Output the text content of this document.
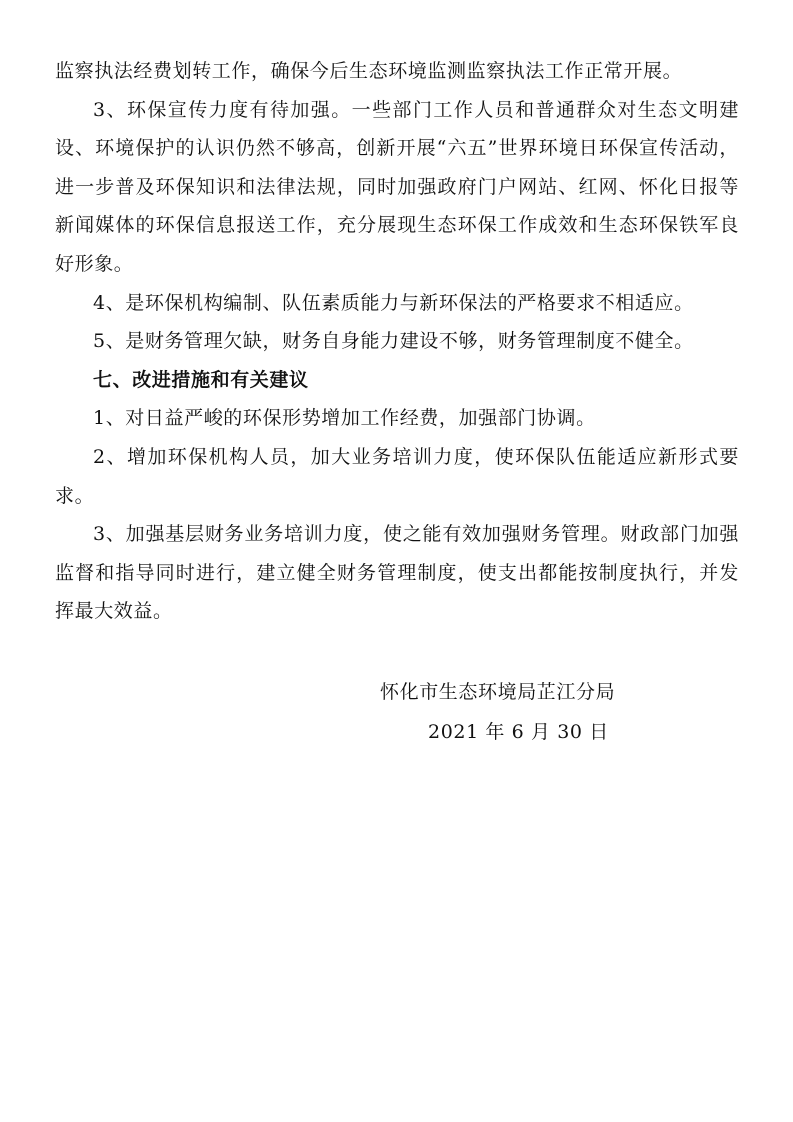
监察执法经费划转工作，确保今后生态环境监测监察执法工作正常开展。

3、环保宣传力度有待加强。一些部门工作人员和普通群众对生态文明建设、环境保护的认识仍然不够高，创新开展“六五”世界环境日环保宣传活动，进一步普及环保知识和法律法规，同时加强政府门户网站、红网、怀化日报等新闻媒体的环保信息报送工作，充分展现生态环保工作成效和生态环保铁军良好形象。

4、是环保机构编制、队伍素质能力与新环保法的严格要求不相适应。

5、是财务管理欠缺，财务自身能力建设不够，财务管理制度不健全。

七、改进措施和有关建议

1、对日益严峻的环保形势增加工作经费，加强部门协调。

2、增加环保机构人员，加大业务培训力度，使环保队伍能适应新形式要求。

3、加强基层财务业务培训力度，使之能有效加强财务管理。财政部门加强监督和指导同时进行，建立健全财务管理制度，使支出都能按制度执行，并发挥最大效益。

怀化市生态环境局芷江分局

2021 年 6 月 30 日
